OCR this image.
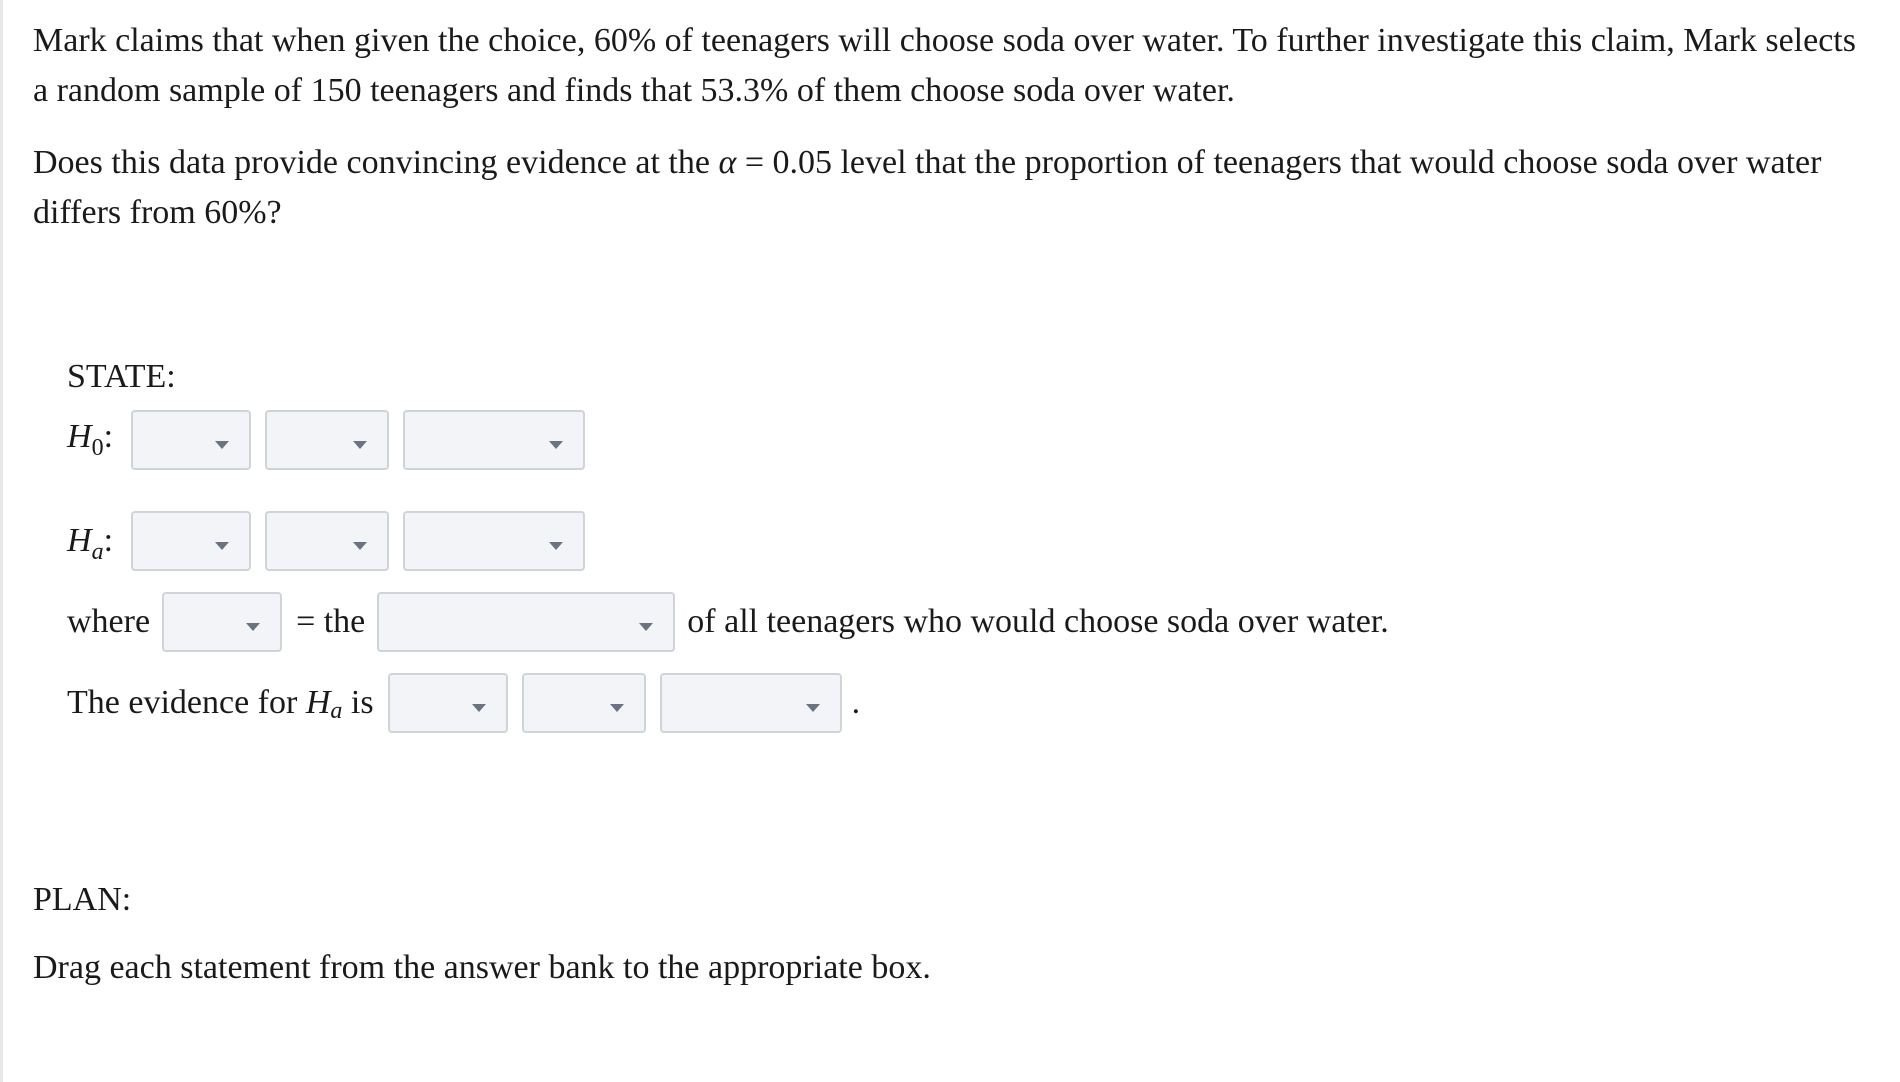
Mark claims that when given the choice, 60% of teenagers will choose soda over water. To further investigate this claim, Mark selects a random sample of 150 teenagers and finds that 53.3% of them choose soda over water.

Does this data provide convincing evidence at the α = 0.05 level that the proportion of teenagers that would choose soda over water differs from 60%?

STATE:
$H_0$:
$H_a$:
where	= the	of all teenagers who would choose soda over water.
The evidence for H a is	.

PLAN:

Drag each statement from the answer bank to the appropriate box.
